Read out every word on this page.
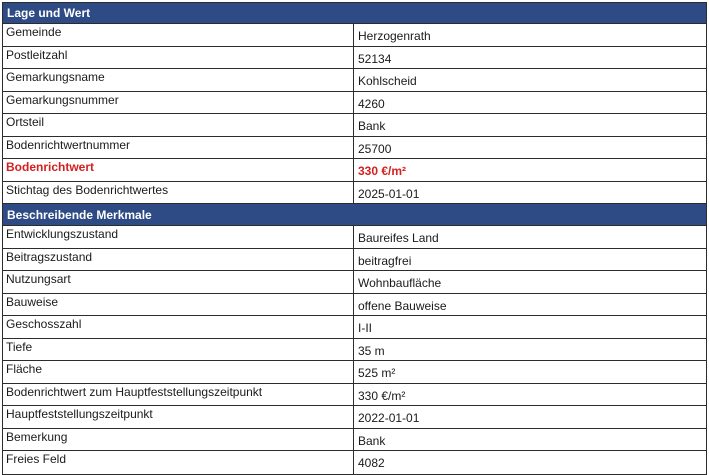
Lage und Wert
Gemeinde	Herzogenrath
Postleitzahl	52134
Gemarkungsname	Kohlscheid
Gemarkungsnummer	4260
Ortsteil	Bank
Bodenrichtwertnummer	25700
Bodenrichtwert	330 €/m²
Stichtag des Bodenrichtwertes	2025-01-01
Beschreibende Merkmale
Entwicklungszustand	Baureifes Land
Beitragszustand	beitragfrei
Nutzungsart	Wohnbaufläche
Bauweise	offene Bauweise
Geschosszahl	I-II
Tiefe	35 m
Fläche	525 m²
Bodenrichtwert zum Hauptfeststellungszeitpunkt	330 €/m²
Hauptfeststellungszeitpunkt	2022-01-01
Bemerkung	Bank
Freies Feld	4082
